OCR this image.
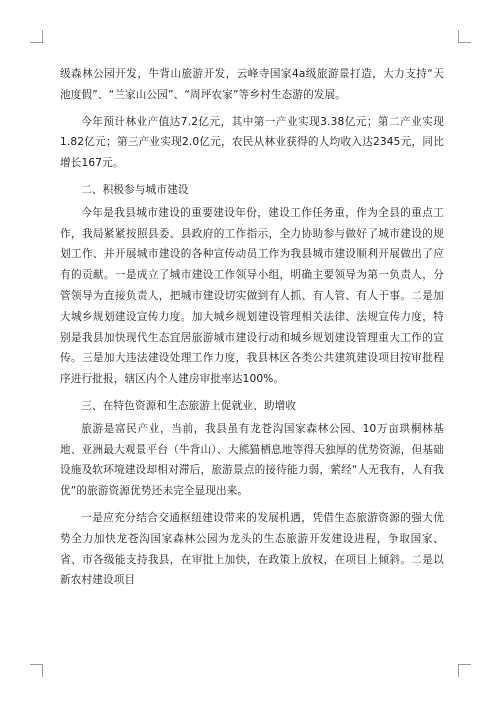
级森林公园开发，牛背山旅游开发，云峰寺国家4a级旅游景打造，大力支持“天池度假”、“兰家山公园”、“周坪农家”等乡村生态游的发展。

今年预计林业产值达7.2亿元，其中第一产业实现3.38亿元；第二产业实现1.82亿元；第三产业实现2.0亿元，农民从林业获得的人均收入达2345元，同比增长167元。

二、积极参与城市建设

今年是我县城市建设的重要建设年份，建设工作任务重，作为全县的重点工作，我局紧紧按照县委、县政府的工作指示，全力协助参与做好了城市建设的规划工作、并开展城市建设的各种宣传动员工作为我县城市建设顺利开展做出了应有的贡献。一是成立了城市建设工作领导小组，明确主要领导为第一负责人，分管领导为直接负责人，把城市建设切实做到有人抓、有人管、有人干事。二是加大城乡规划建设宣传力度。加大城乡规划建设管理相关法律、法规宣传力度，特别是我县加快现代生态宜居旅游城市建设行动和城乡规划建设管理重大工作的宣传。三是加大违法建设处理工作力度，我县林区各类公共建筑建设项目按审批程序进行批报，辖区内个人建房审批率达100%。

三、在特色资源和生态旅游上促就业、助增收

旅游是富民产业，当前，我县虽有龙苍沟国家森林公园、10万亩珙桐林基地、亚洲最大观景平台（牛背山）、大熊猫栖息地等得天独厚的优势资源，但基础设施及软环境建设却相对滞后，旅游景点的接待能力弱，萦经“人无我有，人有我优”的旅游资源优势还未完全显现出来。

一是应充分结合交通枢纽建设带来的发展机遇，凭借生态旅游资源的强大优势全力加快龙苍沟国家森林公园为龙头的生态旅游开发建设进程，争取国家、省、市各级能支持我县，在审批上加快，在政策上放权，在项目上倾斜。二是以新农村建设项目
